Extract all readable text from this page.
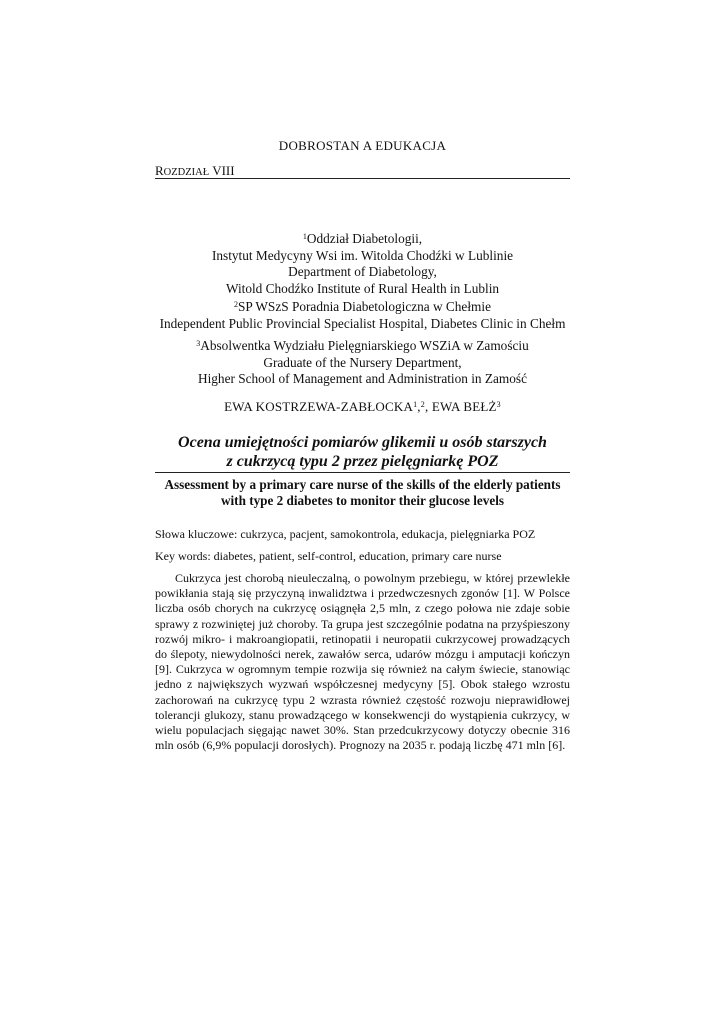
DOBROSTAN A EDUKACJA
ROZDZIAŁ VIII
$^1$Oddział Diabetologii,
Instytut Medycyny Wsi im. Witolda Chodźki w Lublinie
Department of Diabetology,
Witold Chodźko Institute of Rural Health in Lublin
$^2$SP WSzS Poradnia Diabetologiczna w Chełmie
Independent Public Provincial Specialist Hospital, Diabetes Clinic in Chełm
$^3$Absolwentka Wydziału Pielęgniarskiego WSZiA w Zamościu
Graduate of the Nursery Department,
Higher School of Management and Administration in Zamość
EWA KOSTRZEWA-ZABŁOCKA$^1$,$^2$, EWA BEŁŻ$^3$
Ocena umiejętności pomiarów glikemii u osób starszych
z cukrzycą typu 2 przez pielęgniarkę POZ
Assessment by a primary care nurse of the skills of the elderly patients
with type 2 diabetes to monitor their glucose levels
Słowa kluczowe: cukrzyca, pacjent, samokontrola, edukacja, pielęgniarka POZ
Key words: diabetes, patient, self-control, education, primary care nurse
Cukrzyca jest chorobą nieuleczalną, o powolnym przebiegu, w której przewlekłe powikłania stają się przyczyną inwalidztwa i przedwczesnych zgonów [1]. W Polsce liczba osób chorych na cukrzycę osiągnęła 2,5 mln, z czego połowa nie zdaje sobie sprawy z rozwiniętej już choroby. Ta grupa jest szczególnie podatna na przyśpieszony rozwój mikro- i makroangiopatii, retinopatii i neuropatii cukrzycowej prowadzących do ślepoty, niewydolności nerek, zawałów serca, udarów mózgu i amputacji kończyn [9]. Cukrzyca w ogromnym tempie rozwija się również na całym świecie, stanowiąc jedno z największych wyzwań współczesnej medycyny [5]. Obok stałego wzrostu zachorowań na cukrzycę typu 2 wzrasta również częstość rozwoju nieprawidłowej tolerancji glukozy, stanu prowadzącego w konsekwencji do wystąpienia cukrzycy, w wielu populacjach sięgając nawet 30%. Stan przedcukrzycowy dotyczy obecnie 316 mln osób (6,9% populacji dorosłych). Prognozy na 2035 r. podają liczbę 471 mln [6].
